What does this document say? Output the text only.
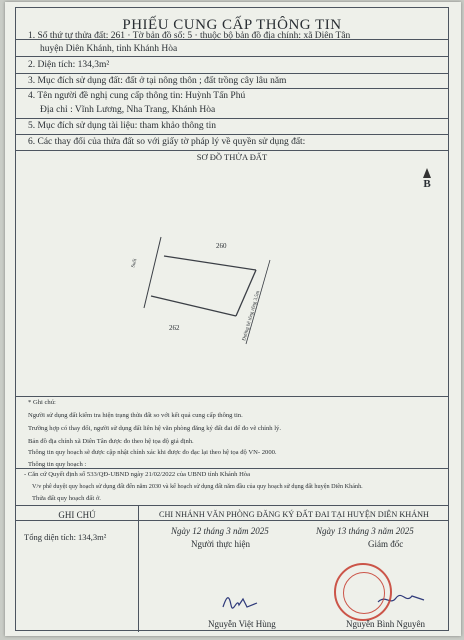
PHIẾU CUNG CẤP THÔNG TIN
1. Số thứ tự thửa đất: 261 · Tờ bản đồ số: 5 · thuộc bộ bản đồ địa chính: xã Diên Tân
huyện Diên Khánh, tỉnh Khánh Hòa
2. Diện tích: 134,3m²
3. Mục đích sử dụng đất: đất ở tại nông thôn ; đất trồng cây lâu năm
4. Tên người đề nghị cung cấp thông tin: Huỳnh Tấn Phú
Địa chỉ : Vĩnh Lương, Nha Trang, Khánh Hòa
5. Mục đích sử dụng tài liệu: tham khảo thông tin
6. Các thay đổi của thửa đất so với giấy tờ pháp lý về quyền sử dụng đất:
SƠ ĐỒ THỬA ĐẤT
B
260
262	Đường bê tông rộng 3,5m
Suối
* Ghi chú:
Người sử dụng đất kiểm tra hiện trạng thửa đất so với kết quả cung cấp thông tin.
Trường hợp có thay đổi, người sử dụng đất liên hệ văn phòng đăng ký đất đai để đo vẽ chỉnh lý.
Bản đồ địa chính xã Diên Tân được đo theo hệ tọa độ giả định.
Thông tin quy hoạch sẽ được cập nhật chính xác khi được đo đạc lại theo hệ tọa độ VN- 2000.
Thông tin quy hoạch :
- Căn cứ Quyết định số 533/QĐ-UBND ngày 21/02/2022 của UBND tỉnh Khánh Hòa
V/v phê duyệt quy hoạch sử dụng đất đến năm 2030 và kế hoạch sử dụng đất năm đầu của quy hoạch sử dụng đất huyện Diên Khánh.
Thửa đất quy hoạch đất ở.
GHI CHÚ	CHI NHÁNH VĂN PHÒNG ĐĂNG KÝ ĐẤT ĐAI TẠI HUYỆN DIÊN KHÁNH
Tổng diện tích: 134,3m²
Ngày 12 tháng 3 năm 2025	Ngày 13 tháng 3 năm 2025
Người thực hiện	Giám đốc
Nguyễn Việt Hùng	Nguyễn Bình Nguyên
